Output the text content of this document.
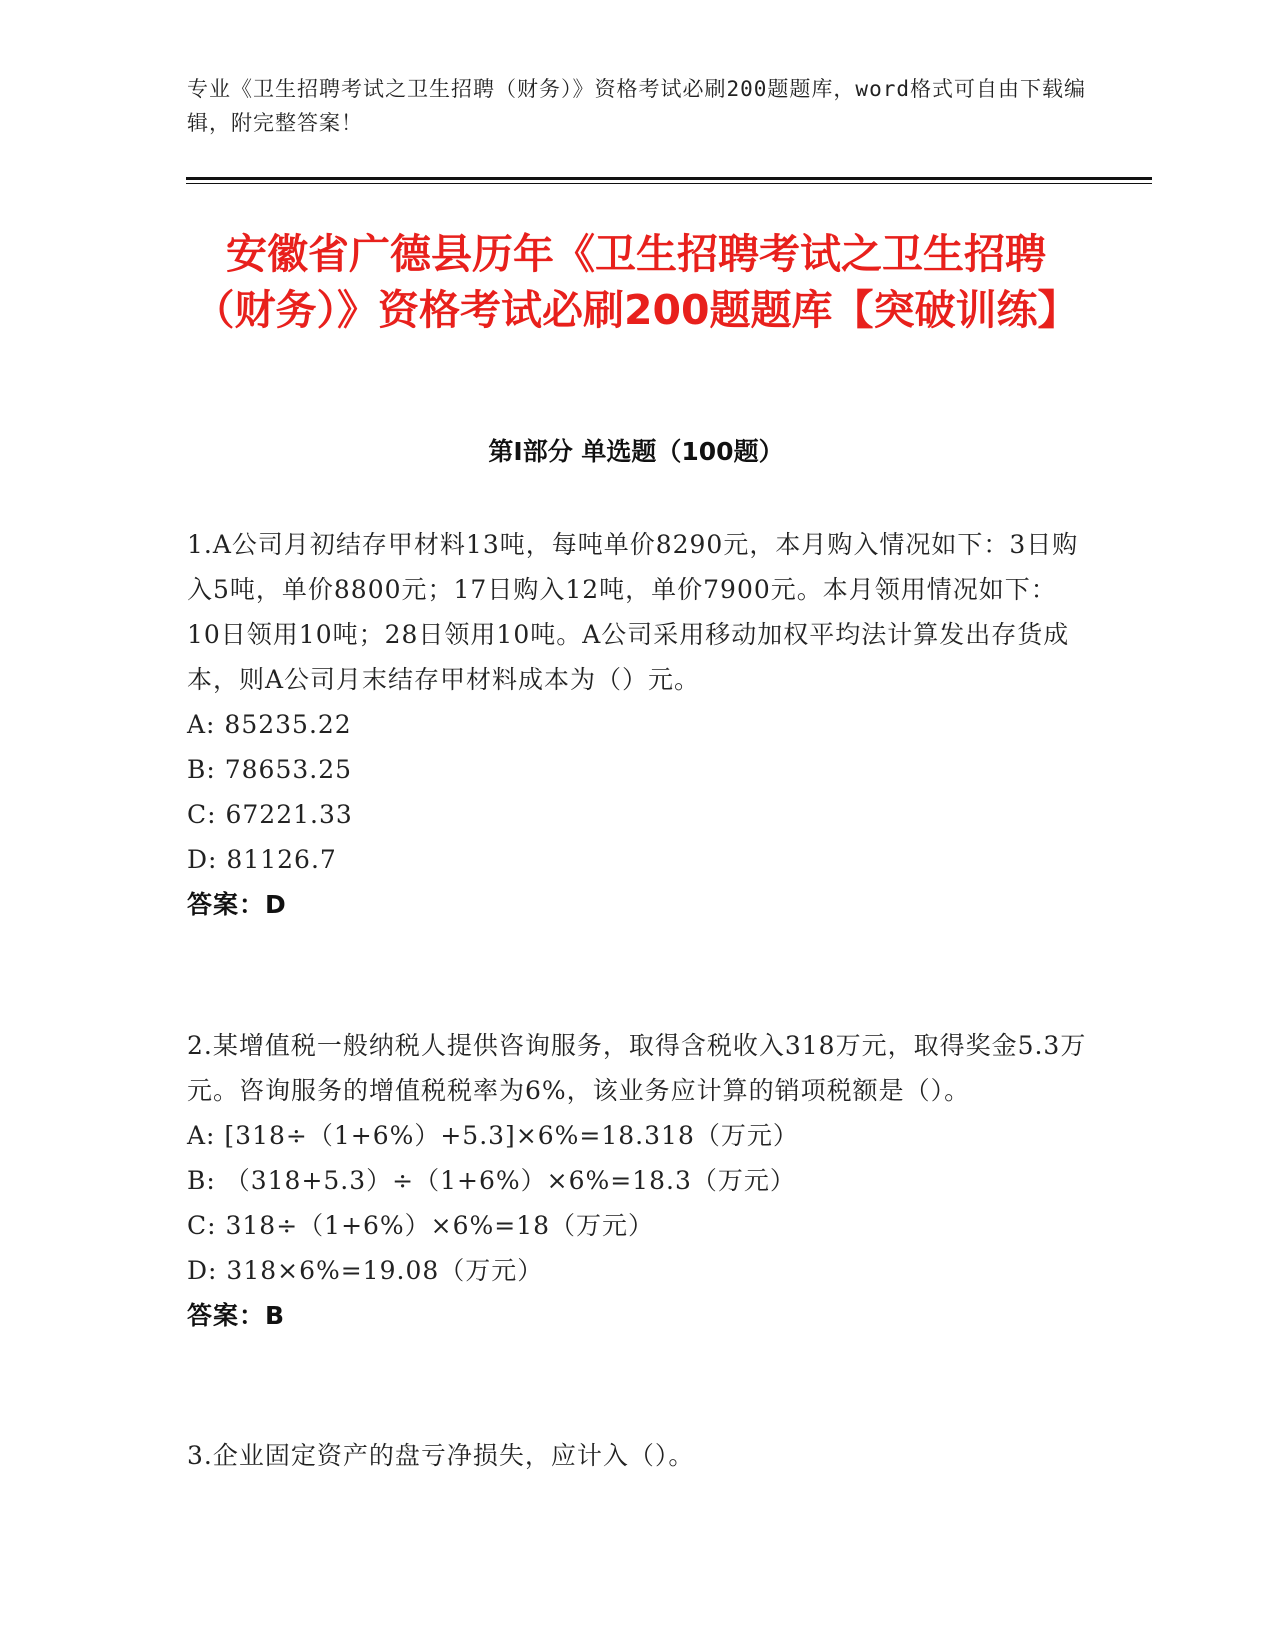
专业《卫生招聘考试之卫生招聘（财务）》资格考试必刷200题题库，word格式可自由下载编辑，附完整答案！
安徽省广德县历年《卫生招聘考试之卫生招聘（财务）》资格考试必刷200题题库【突破训练】
第I部分 单选题（100题）

1.A公司月初结存甲材料13吨，每吨单价8290元，本月购入情况如下：3日购入5吨，单价8800元；17日购入12吨，单价7900元。本月领用情况如下：10日领用10吨；28日领用10吨。A公司采用移动加权平均法计算发出存货成本，则A公司月末结存甲材料成本为（）元。

A: 85235.22

B: 78653.25

C: 67221.33

D: 81126.7

答案：D

2.某增值税一般纳税人提供咨询服务，取得含税收入318万元，取得奖金5.3万元。咨询服务的增值税税率为6%，该业务应计算的销项税额是（）。

A: [318÷（1+6%）+5.3]×6%=18.318（万元）

B: （318+5.3）÷（1+6%）×6%=18.3（万元）

C: 318÷（1+6%）×6%=18（万元）

D: 318×6%=19.08（万元）

答案：B

3.企业固定资产的盘亏净损失，应计入（）。
